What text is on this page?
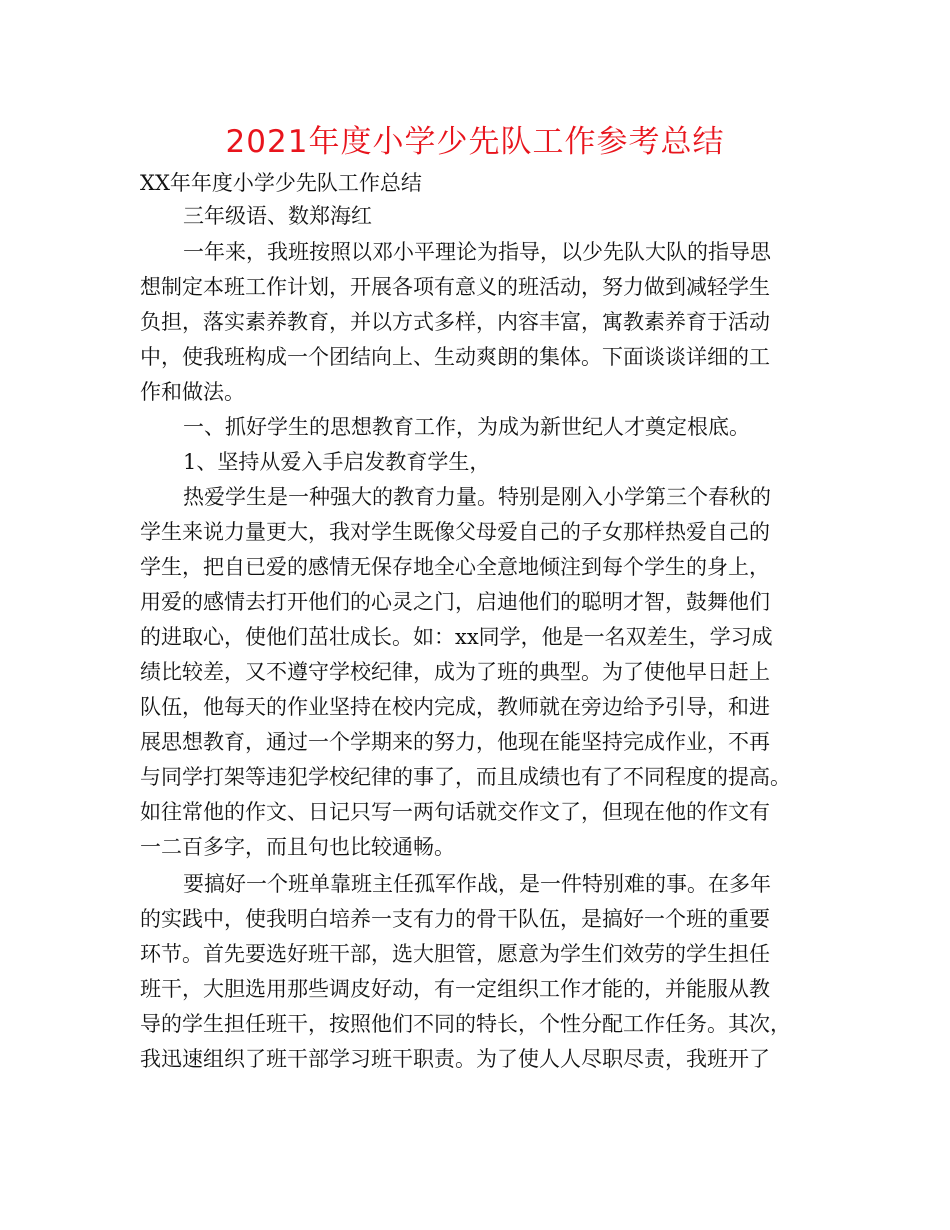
2021年度小学少先队工作参考总结
XX年年度小学少先队工作总结
三年级语、数郑海红
一年来，我班按照以邓小平理论为指导，以少先队大队的指导思
想制定本班工作计划，开展各项有意义的班活动，努力做到减轻学生
负担，落实素养教育，并以方式多样，内容丰富，寓教素养育于活动
中，使我班构成一个团结向上、生动爽朗的集体。下面谈谈详细的工
作和做法。
一、抓好学生的思想教育工作，为成为新世纪人才奠定根底。
1、坚持从爱入手启发教育学生，
热爱学生是一种强大的教育力量。特别是刚入小学第三个春秋的
学生来说力量更大，我对学生既像父母爱自己的子女那样热爱自己的
学生，把自已爱的感情无保存地全心全意地倾注到每个学生的身上，
用爱的感情去打开他们的心灵之门，启迪他们的聪明才智，鼓舞他们
的进取心，使他们茁壮成长。如：xx同学，他是一名双差生，学习成
绩比较差，又不遵守学校纪律，成为了班的典型。为了使他早日赶上
队伍，他每天的作业坚持在校内完成，教师就在旁边给予引导，和进
展思想教育，通过一个学期来的努力，他现在能坚持完成作业，不再
与同学打架等违犯学校纪律的事了，而且成绩也有了不同程度的提高。
如往常他的作文、日记只写一两句话就交作文了，但现在他的作文有
一二百多字，而且句也比较通畅。
要搞好一个班单靠班主任孤军作战，是一件特别难的事。在多年
的实践中，使我明白培养一支有力的骨干队伍，是搞好一个班的重要
环节。首先要选好班干部，选大胆管，愿意为学生们效劳的学生担任
班干，大胆选用那些调皮好动，有一定组织工作才能的，并能服从教
导的学生担任班干，按照他们不同的特长，个性分配工作任务。其次，
我迅速组织了班干部学习班干职责。为了使人人尽职尽责，我班开了
